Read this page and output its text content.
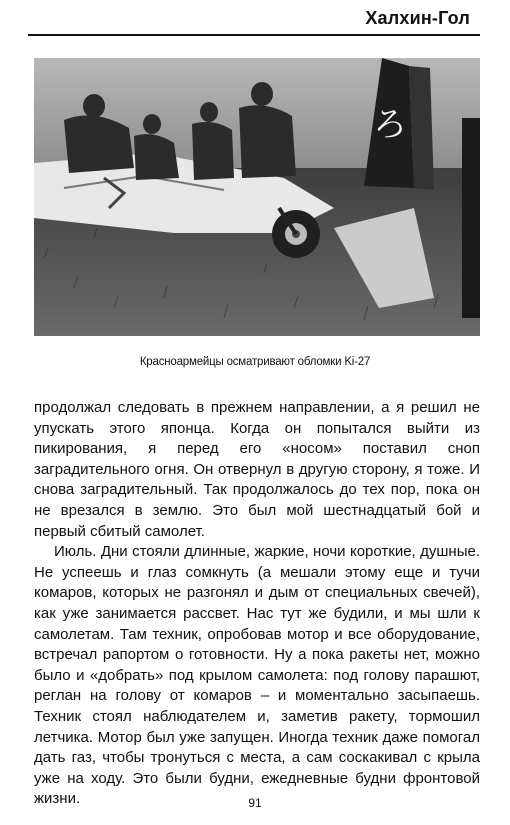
Халхин-Гол
ろ
Красноармейцы осматривают обломки Ki-27

продолжал следовать в прежнем направлении, а я решил не упускать этого японца. Когда он попытался выйти из пикирования, я перед его «носом» поставил сноп заградительного огня. Он отвернул в другую сторону, я тоже. И снова заградительный. Так продолжалось до тех пор, пока он не врезался в землю. Это был мой шестнадцатый бой и первый сбитый самолет.

Июль. Дни стояли длинные, жаркие, ночи короткие, душные. Не успеешь и глаз сомкнуть (а мешали этому еще и тучи комаров, которых не разгонял и дым от специальных свечей), как уже занимается рассвет. Нас тут же будили, и мы шли к самолетам. Там техник, опробовав мотор и все оборудование, встречал рапортом о готовности. Ну а пока ракеты нет, можно было и «добрать» под крылом самолета: под голову парашют, реглан на голову от комаров – и моментально засыпаешь. Техник стоял наблюдателем и, заметив ракету, тормошил летчика. Мотор был уже запущен. Иногда техник даже помогал дать газ, чтобы тронуться с места, а сам соскакивал с крыла уже на ходу. Это были будни, ежедневные будни фронтовой жизни.	91
